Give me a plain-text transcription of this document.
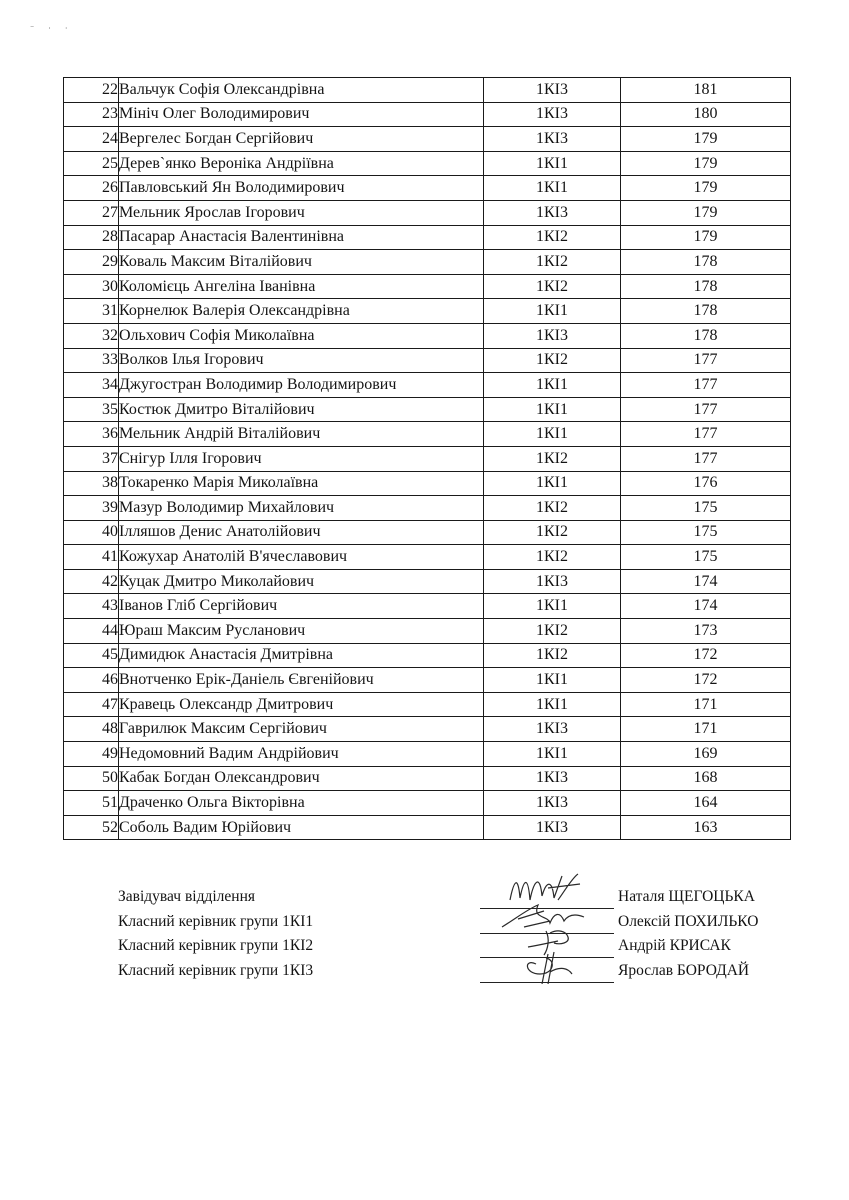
⁻ · ·
22	Вальчук Софія Олександрівна	1КІ3	181
23	Мініч Олег Володимирович	1КІ3	180
24	Вергелес Богдан Сергійович	1КІ3	179
25	Дерев`янко Вероніка Андріївна	1КІ1	179
26	Павловський Ян Володимирович	1КІ1	179
27	Мельник Ярослав Ігорович	1КІ3	179
28	Пасарар Анастасія Валентинівна	1КІ2	179
29	Коваль Максим Віталійович	1КІ2	178
30	Коломієць Ангеліна Іванівна	1КІ2	178
31	Корнелюк Валерія Олександрівна	1КІ1	178
32	Ольхович Софія Миколаївна	1КІ3	178
33	Волков Ілья Ігорович	1КІ2	177
34	Джугостран Володимир Володимирович	1КІ1	177
35	Костюк Дмитро Віталійович	1КІ1	177
36	Мельник Андрій Віталійович	1КІ1	177
37	Снігур Ілля Ігорович	1КІ2	177
38	Токаренко Марія Миколаївна	1КІ1	176
39	Мазур Володимир Михайлович	1КІ2	175
40	Ілляшов Денис Анатолійович	1КІ2	175
41	Кожухар Анатолій В'ячеславович	1КІ2	175
42	Куцак Дмитро Миколайович	1КІ3	174
43	Іванов Гліб Сергійович	1КІ1	174
44	Юраш Максим Русланович	1КІ2	173
45	Димидюк Анастасія Дмитрівна	1КІ2	172
46	Внотченко Ерік-Даніель Євгенійович	1КІ1	172
47	Кравець Олександр Дмитрович	1КІ1	171
48	Гаврилюк Максим Сергійович	1КІ3	171
49	Недомовний Вадим Андрійович	1КІ1	169
50	Кабак Богдан Олександрович	1КІ3	168
51	Драченко Ольга Вікторівна	1КІ3	164
52	Соболь Вадим Юрійович	1КІ3	163
Завідувач відділення	Наталя ЩЕГОЦЬКА
Класний керівник групи 1КІ1	Олексій ПОХИЛЬКО
Класний керівник групи 1КІ2	Андрій КРИСАК
Класний керівник групи 1КІ3	Ярослав БОРОДАЙ
